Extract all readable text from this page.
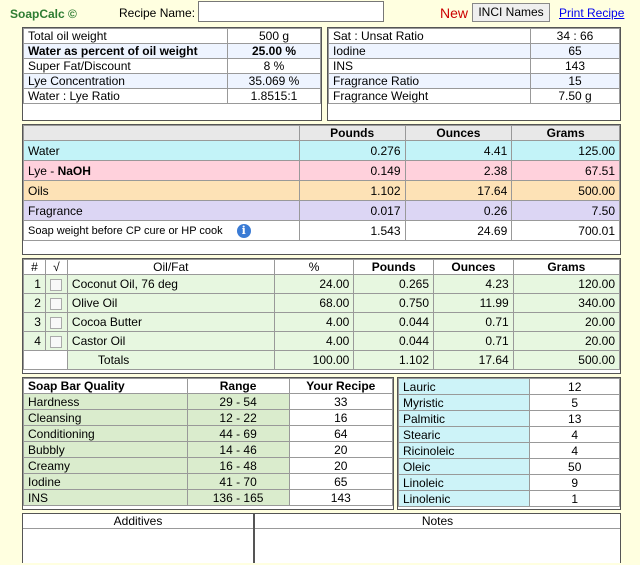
SoapCalc ©	Recipe Name:	New INCI Names	Print Recipe
Total oil weight	500 g
Water as percent of oil weight	25.00 %
Super Fat/Discount	8 %
Lye Concentration	35.069 %
Water : Lye Ratio	1.8515:1
Sat : Unsat Ratio	34 : 66
Iodine	65
INS	143
Fragrance Ratio	15
Fragrance Weight	7.50 g
	Pounds	Ounces	Grams
Water	0.276	4.41	125.00
Lye - NaOH	0.149	2.38	67.51
Oils	1.102	17.64	500.00
Fragrance	0.017	0.26	7.50
Soap weight before CP cure or HP cook i	1.543	24.69	700.01
#	√	Oil/Fat	%	Pounds	Ounces	Grams
1		Coconut Oil, 76 deg	24.00	0.265	4.23	120.00
2		Olive Oil	68.00	0.750	11.99	340.00
3		Cocoa Butter	4.00	0.044	0.71	20.00
4		Castor Oil	4.00	0.044	0.71	20.00
		Totals	100.00	1.102	17.64	500.00
Soap Bar Quality	Range	Your Recipe
Hardness	29 - 54	33
Cleansing	12 - 22	16
Conditioning	44 - 69	64
Bubbly	14 - 46	20
Creamy	16 - 48	20
Iodine	41 - 70	65
INS	136 - 165	143
Lauric	12
Myristic	5
Palmitic	13
Stearic	4
Ricinoleic	4
Oleic	50
Linoleic	9
Linolenic	1
Additives	Notes
